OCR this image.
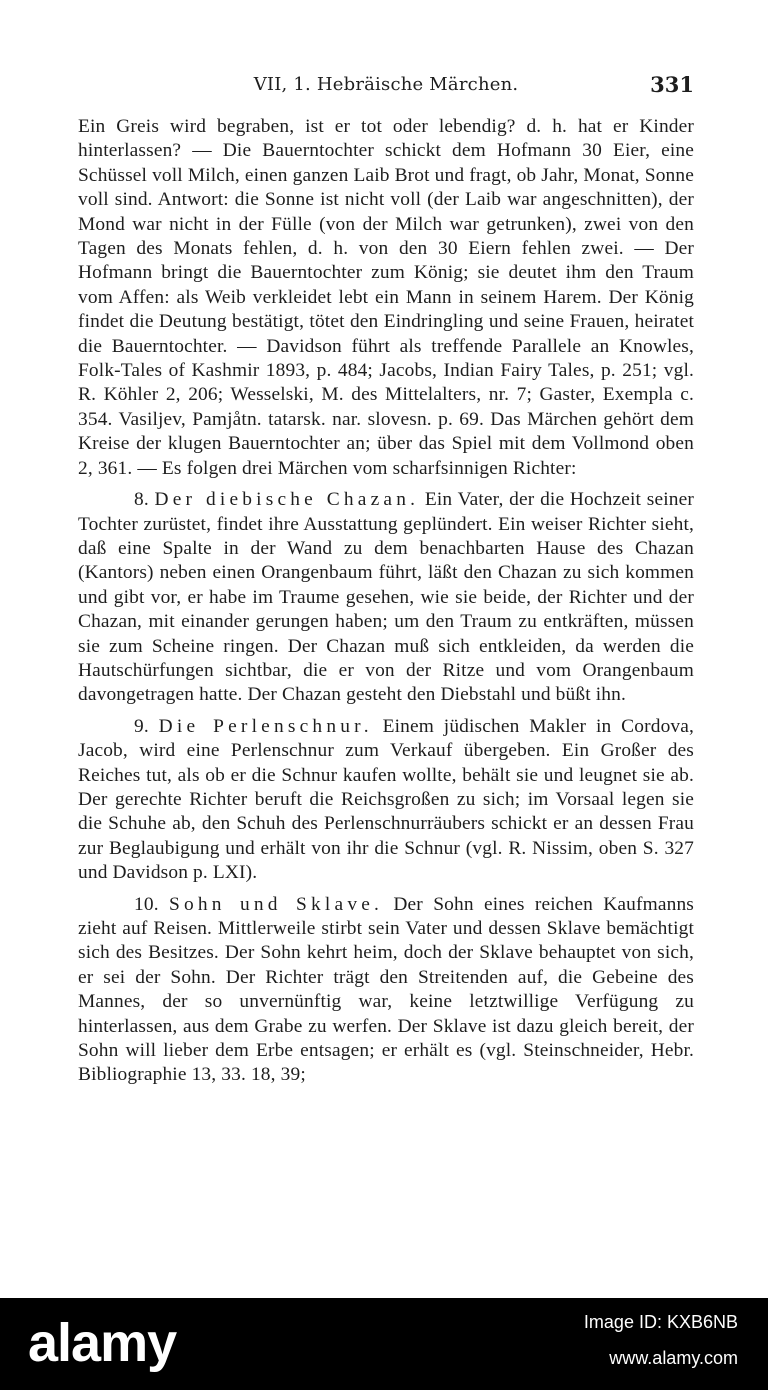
VII, 1. Hebräische Märchen.	331

Ein Greis wird begraben, ist er tot oder lebendig? d. h. hat er Kinder hinterlassen? — Die Bauerntochter schickt dem Hofmann 30 Eier, eine Schüssel voll Milch, einen ganzen Laib Brot und fragt, ob Jahr, Monat, Sonne voll sind. Antwort: die Sonne ist nicht voll (der Laib war angeschnitten), der Mond war nicht in der Fülle (von der Milch war getrunken), zwei von den Tagen des Monats fehlen, d. h. von den 30 Eiern fehlen zwei. — Der Hofmann bringt die Bauerntochter zum König; sie deutet ihm den Traum vom Affen: als Weib verkleidet lebt ein Mann in seinem Harem. Der König findet die Deutung bestätigt, tötet den Eindringling und seine Frauen, heiratet die Bauerntochter. — Davidson führt als treffende Parallele an Knowles, Folk-Tales of Kashmir 1893, p. 484; Jacobs, Indian Fairy Tales, p. 251; vgl. R. Köhler 2, 206; Wesselski, M. des Mittelalters, nr. 7; Gaster, Exempla c. 354. Vasiljev, Pamjåtn. tatarsk. nar. slovesn. p. 69. Das Märchen gehört dem Kreise der klugen Bauerntochter an; über das Spiel mit dem Vollmond oben 2, 361. — Es folgen drei Märchen vom scharfsinnigen Richter:

8. Der diebische Chazan. Ein Vater, der die Hochzeit seiner Tochter zurüstet, findet ihre Ausstattung geplündert. Ein weiser Richter sieht, daß eine Spalte in der Wand zu dem benachbarten Hause des Chazan (Kantors) neben einen Orangenbaum führt, läßt den Chazan zu sich kommen und gibt vor, er habe im Traume gesehen, wie sie beide, der Richter und der Chazan, mit einander gerungen haben; um den Traum zu entkräften, müssen sie zum Scheine ringen. Der Chazan muß sich entkleiden, da werden die Hautschürfungen sichtbar, die er von der Ritze und vom Orangenbaum davongetragen hatte. Der Chazan gesteht den Diebstahl und büßt ihn.

9. Die Perlenschnur. Einem jüdischen Makler in Cordova, Jacob, wird eine Perlenschnur zum Verkauf übergeben. Ein Großer des Reiches tut, als ob er die Schnur kaufen wollte, behält sie und leugnet sie ab. Der gerechte Richter beruft die Reichsgroßen zu sich; im Vorsaal legen sie die Schuhe ab, den Schuh des Perlenschnurräubers schickt er an dessen Frau zur Beglaubigung und erhält von ihr die Schnur (vgl. R. Nissim, oben S. 327 und Davidson p. LXI).

10. Sohn und Sklave. Der Sohn eines reichen Kaufmanns zieht auf Reisen. Mittlerweile stirbt sein Vater und dessen Sklave bemächtigt sich des Besitzes. Der Sohn kehrt heim, doch der Sklave behauptet von sich, er sei der Sohn. Der Richter trägt den Streitenden auf, die Gebeine des Mannes, der so unvernünftig war, keine letztwillige Verfügung zu hinterlassen, aus dem Grabe zu werfen. Der Sklave ist dazu gleich bereit, der Sohn will lieber dem Erbe entsagen; er erhält es (vgl. Steinschneider, Hebr. Bibliographie 13, 33. 18, 39;

alamy	Image ID: KXB6NB
www.alamy.com
